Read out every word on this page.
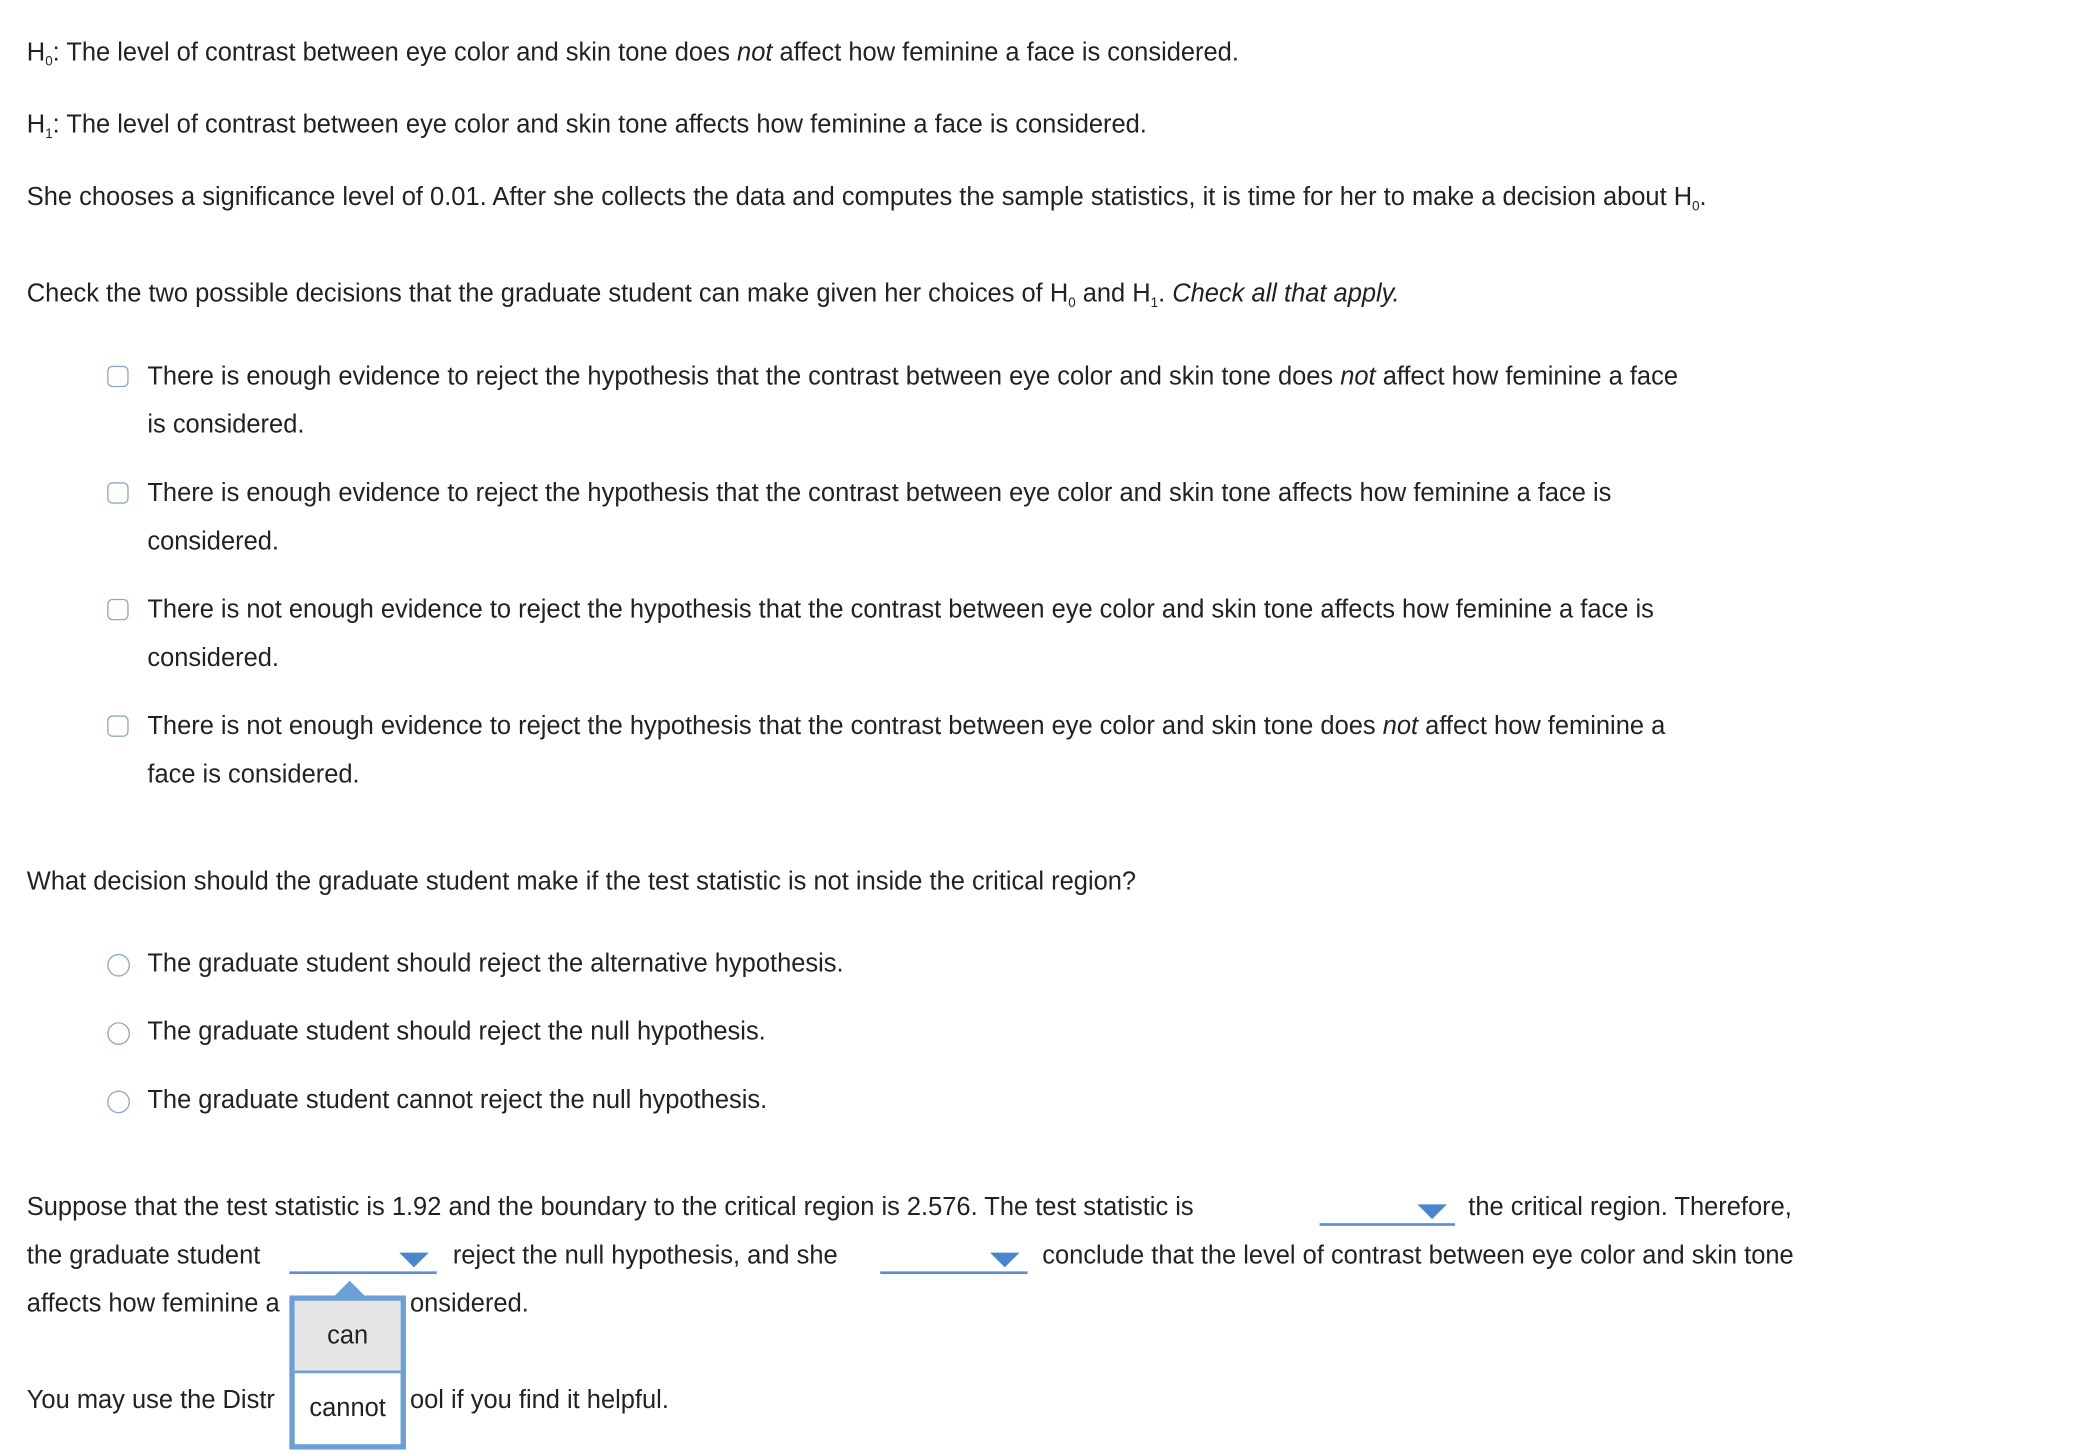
$H_0$: The level of contrast between eye color and skin tone does not affect how feminine a face is considered.
$H_1$: The level of contrast between eye color and skin tone affects how feminine a face is considered.
She chooses a significance level of 0.01. After she collects the data and computes the sample statistics, it is time for her to make a decision about $H_0$.
Check the two possible decisions that the graduate student can make given her choices of $H_0$ and $H_1$. Check all that apply.
There is enough evidence to reject the hypothesis that the contrast between eye color and skin tone does not affect how feminine a face
is considered.
There is enough evidence to reject the hypothesis that the contrast between eye color and skin tone affects how feminine a face is
considered.
There is not enough evidence to reject the hypothesis that the contrast between eye color and skin tone affects how feminine a face is
considered.
There is not enough evidence to reject the hypothesis that the contrast between eye color and skin tone does not affect how feminine a
face is considered.
What decision should the graduate student make if the test statistic is not inside the critical region?
The graduate student should reject the alternative hypothesis.
The graduate student should reject the null hypothesis.
The graduate student cannot reject the null hypothesis.
Suppose that the test statistic is 1.92 and the boundary to the critical region is 2.576. The test statistic is	the critical region. Therefore,
the graduate student	reject the null hypothesis, and she	conclude that the level of contrast between eye color and skin tone
affects how feminine a	onsidered.
You may use the Distr	ool if you find it helpful.
can
cannot
